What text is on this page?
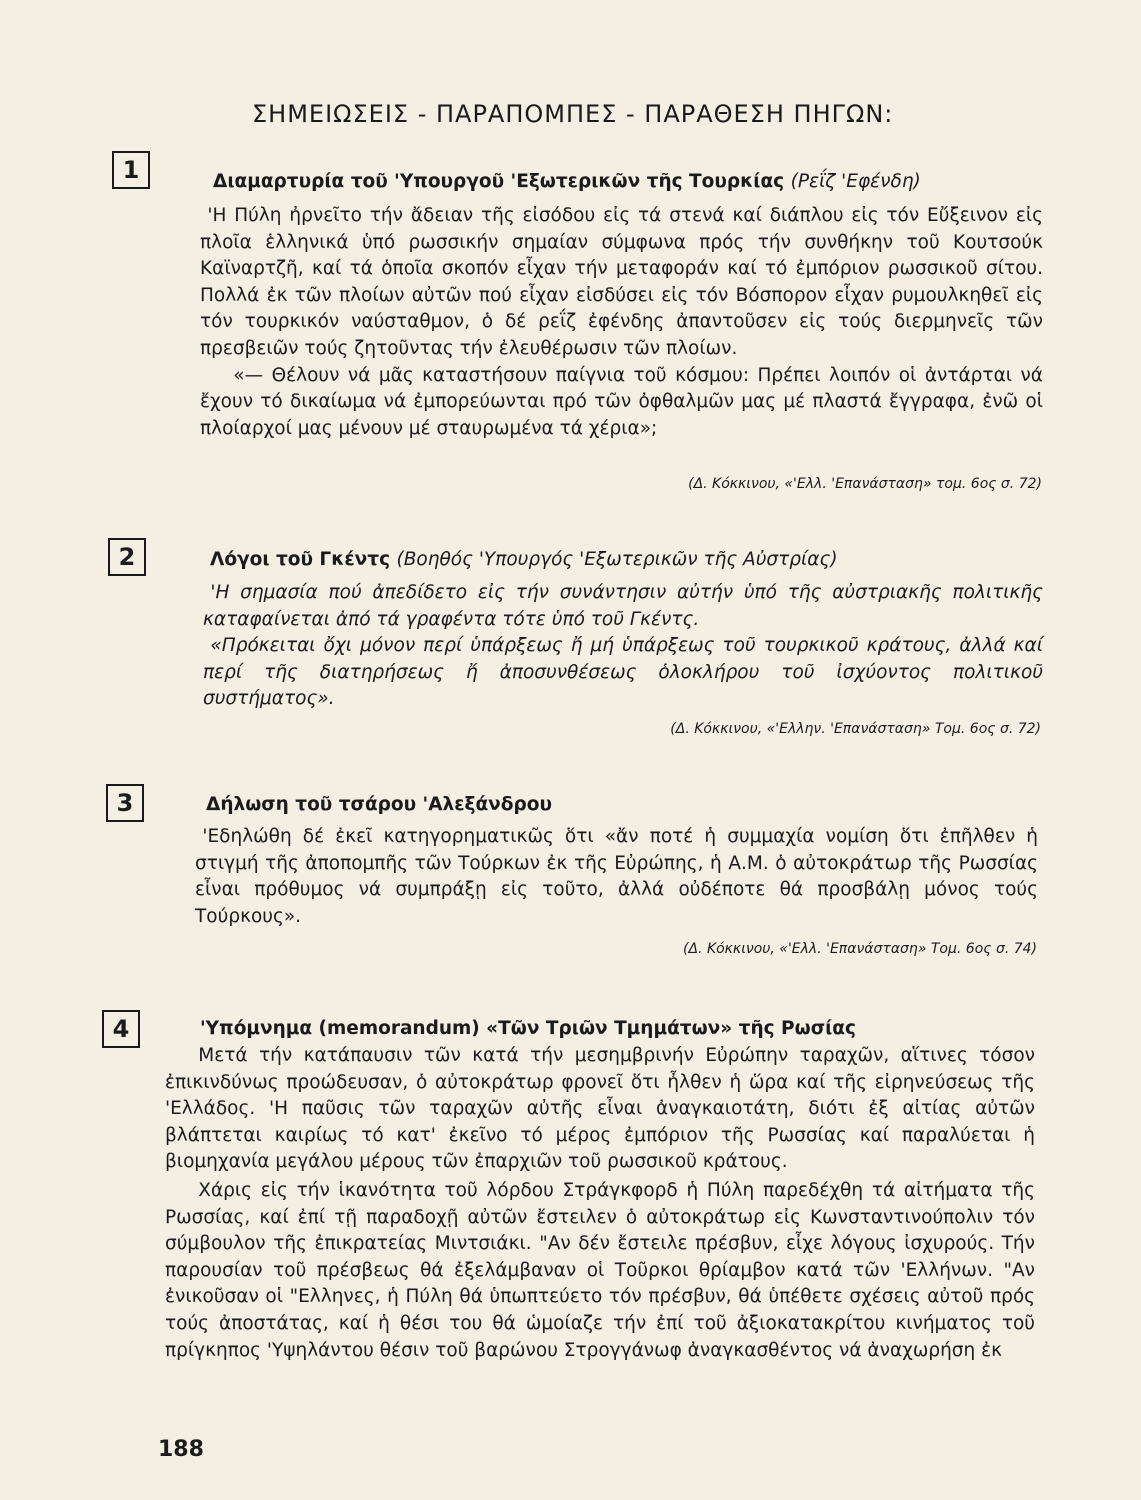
ΣΗΜΕΙΩΣΕΙΣ - ΠΑΡΑΠΟΜΠΕΣ - ΠΑΡΑΘΕΣΗ ΠΗΓΩΝ:
1	Διαμαρτυρία τοῦ 'Υπουργοῦ 'Εξωτερικῶν τῆς Τουρκίας (Ρεΐζ 'Εφένδη)

'Η Πύλη ἠρνεῖτο τήν ἄδειαν τῆς εἰσόδου εἰς τά στενά καί διάπλου εἰς τόν Εὔξεινον εἰς πλοῖα ἑλληνικά ὑπό ρωσσικήν σημαίαν σύμφωνα πρός τήν συνθήκην τοῦ Κουτσούκ Καϊναρτζῆ, καί τά ὁποῖα σκοπόν εἶχαν τήν μεταφοράν καί τό ἐμπόριον ρωσσικοῦ σίτου. Πολλά ἐκ τῶν πλοίων αὐτῶν πού εἶχαν εἰσδύσει εἰς τόν Βόσπορον εἶχαν ρυμουλκηθεῖ εἰς τόν τουρκικόν ναύσταθμον, ὁ δέ ρεΐζ ἐφένδης ἀπαντοῦσεν εἰς τούς διερμηνεῖς τῶν πρεσβειῶν τούς ζητοῦντας τήν ἐλευθέρωσιν τῶν πλοίων.

«— Θέλουν νά μᾶς καταστήσουν παίγνια τοῦ κόσμου: Πρέπει λοιπόν οἱ ἀντάρται νά ἔχουν τό δικαίωμα νά ἐμπορεύωνται πρό τῶν ὀφθαλμῶν μας μέ πλαστά ἔγγραφα, ἐνῶ οἱ πλοίαρχοί μας μένουν μέ σταυρωμένα τά χέρια»;

(Δ. Κόκκινου, «'Ελλ. 'Επανάσταση» τομ. 6ος σ. 72)
2	Λόγοι τοῦ Γκέντς (Βοηθός 'Υπουργός 'Εξωτερικῶν τῆς Αὐστρίας)

'Η σημασία πού ἀπεδίδετο εἰς τήν συνάντησιν αὐτήν ὑπό τῆς αὐστριακῆς πολιτικῆς καταφαίνεται ἀπό τά γραφέντα τότε ὑπό τοῦ Γκέντς.

«Πρόκειται ὄχι μόνον περί ὑπάρξεως ἤ μή ὑπάρξεως τοῦ τουρκικοῦ κράτους, ἀλλά καί περί τῆς διατηρήσεως ἤ ἀποσυνθέσεως ὁλοκλήρου τοῦ ἰσχύοντος πολιτικοῦ συστήματος».

(Δ. Κόκκινου, «'Ελλην. 'Επανάσταση» Τομ. 6ος σ. 72)
3	Δήλωση τοῦ τσάρου 'Αλεξάνδρου

'Εδηλώθη δέ ἐκεῖ κατηγορηματικῶς ὅτι «ἄν ποτέ ἡ συμμαχία νομίση ὅτι ἐπῆλθεν ἡ στιγμή τῆς ἀποπομπῆς τῶν Τούρκων ἐκ τῆς Εὐρώπης, ἡ Α.Μ. ὁ αὐτοκράτωρ τῆς Ρωσσίας εἶναι πρόθυμος νά συμπράξῃ εἰς τοῦτο, ἀλλά οὐδέποτε θά προσβάλῃ μόνος τούς Τούρκους».

(Δ. Κόκκινου, «'Ελλ. 'Επανάσταση» Τομ. 6ος σ. 74)
4	'Υπόμνημα (memorandum) «Τῶν Τριῶν Τμημάτων» τῆς Ρωσίας

Μετά τήν κατάπαυσιν τῶν κατά τήν μεσημβρινήν Εὐρώπην ταραχῶν, αἵτινες τόσον ἐπικινδύνως προώδευσαν, ὁ αὐτοκράτωρ φρονεῖ ὅτι ἦλθεν ἡ ὥρα καί τῆς εἰρηνεύσεως τῆς 'Ελλάδος. 'Η παῦσις τῶν ταραχῶν αὐτῆς εἶναι ἀναγκαιοτάτη, διότι ἐξ αἰτίας αὐτῶν βλάπτεται καιρίως τό κατ' ἐκεῖνο τό μέρος ἐμπόριον τῆς Ρωσσίας καί παραλύεται ἡ βιομηχανία μεγάλου μέρους τῶν ἐπαρχιῶν τοῦ ρωσσικοῦ κράτους.

Χάρις εἰς τήν ἱκανότητα τοῦ λόρδου Στράγκφορδ ἡ Πύλη παρεδέχθη τά αἰτήματα τῆς Ρωσσίας, καί ἐπί τῇ παραδοχῇ αὐτῶν ἔστειλεν ὁ αὐτοκράτωρ εἰς Κωνσταντινούπολιν τόν σύμβουλον τῆς ἐπικρατείας Μιντσιάκι. "Αν δέν ἔστειλε πρέσβυν, εἶχε λόγους ἰσχυρούς. Τήν παρουσίαν τοῦ πρέσβεως θά ἐξελάμβαναν οἱ Τοῦρκοι θρίαμβον κατά τῶν 'Ελλήνων. "Αν ἐνικοῦσαν οἱ "Ελληνες, ἡ Πύλη θά ὑπωπτεύετο τόν πρέσβυν, θά ὑπέθετε σχέσεις αὐτοῦ πρός τούς ἀποστάτας, καί ἡ θέσι του θά ὡμοίαζε τήν ἐπί τοῦ ἀξιοκατακρίτου κινήματος τοῦ πρίγκηπος 'Υψηλάντου θέσιν τοῦ βαρώνου Στρογγάνωφ ἀναγκασθέντος νά ἀναχωρήση ἐκ

188
